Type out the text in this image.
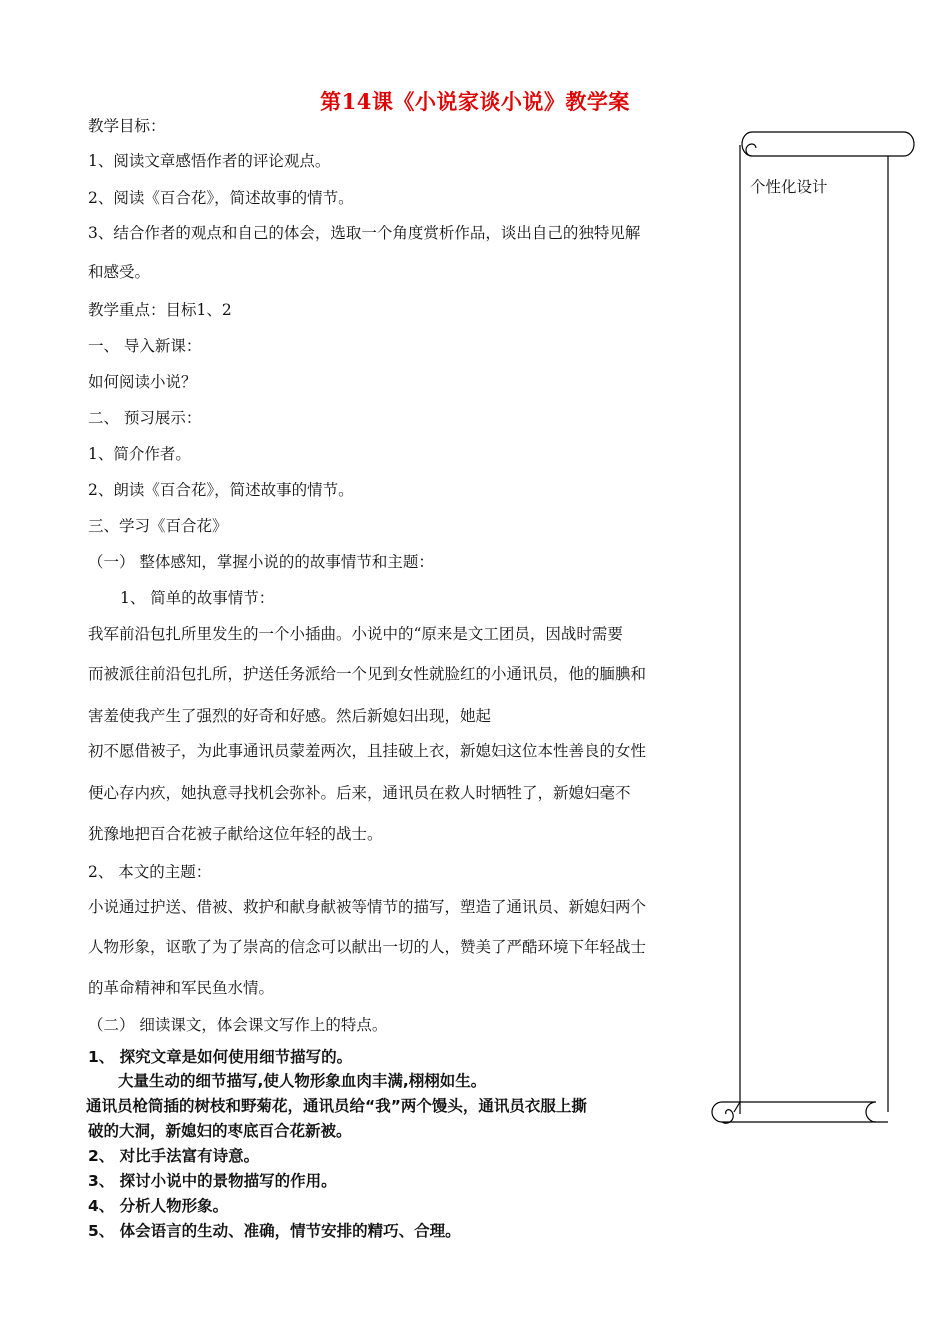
第14课《小说家谈小说》教学案
教学目标：
1、阅读文章感悟作者的评论观点。
2、阅读《百合花》，简述故事的情节。
3、结合作者的观点和自己的体会，选取一个角度赏析作品，谈出自己的独特见解
和感受。
教学重点：目标1、2
一、 导入新课：
如何阅读小说？
二、 预习展示：
1、简介作者。
2、朗读《百合花》，简述故事的情节。
三、学习《百合花》
（一） 整体感知，掌握小说的的故事情节和主题：
1、 简单的故事情节：
我军前沿包扎所里发生的一个小插曲。小说中的“原来是文工团员，因战时需要
而被派往前沿包扎所，护送任务派给一个见到女性就脸红的小通讯员，他的腼腆和
害羞使我产生了强烈的好奇和好感。然后新媳妇出现，她起
初不愿借被子，为此事通讯员蒙羞两次，且挂破上衣，新媳妇这位本性善良的女性
便心存内疚，她执意寻找机会弥补。后来，通讯员在救人时牺牲了，新媳妇毫不
犹豫地把百合花被子献给这位年轻的战士。
2、 本文的主题：
小说通过护送、借被、救护和献身献被等情节的描写，塑造了通讯员、新媳妇两个
人物形象，讴歌了为了崇高的信念可以献出一切的人，赞美了严酷环境下年轻战士
的革命精神和军民鱼水情。
（二） 细读课文，体会课文写作上的特点。
1、 探究文章是如何使用细节描写的。
大量生动的细节描写,使人物形象血肉丰满,栩栩如生。
通讯员枪筒插的树枝和野菊花，通讯员给“我”两个馒头，通讯员衣服上撕
破的大洞，新媳妇的枣底百合花新被。
2、 对比手法富有诗意。
3、 探讨小说中的景物描写的作用。
4、 分析人物形象。
5、 体会语言的生动、准确，情节安排的精巧、合理。
个性化设计
